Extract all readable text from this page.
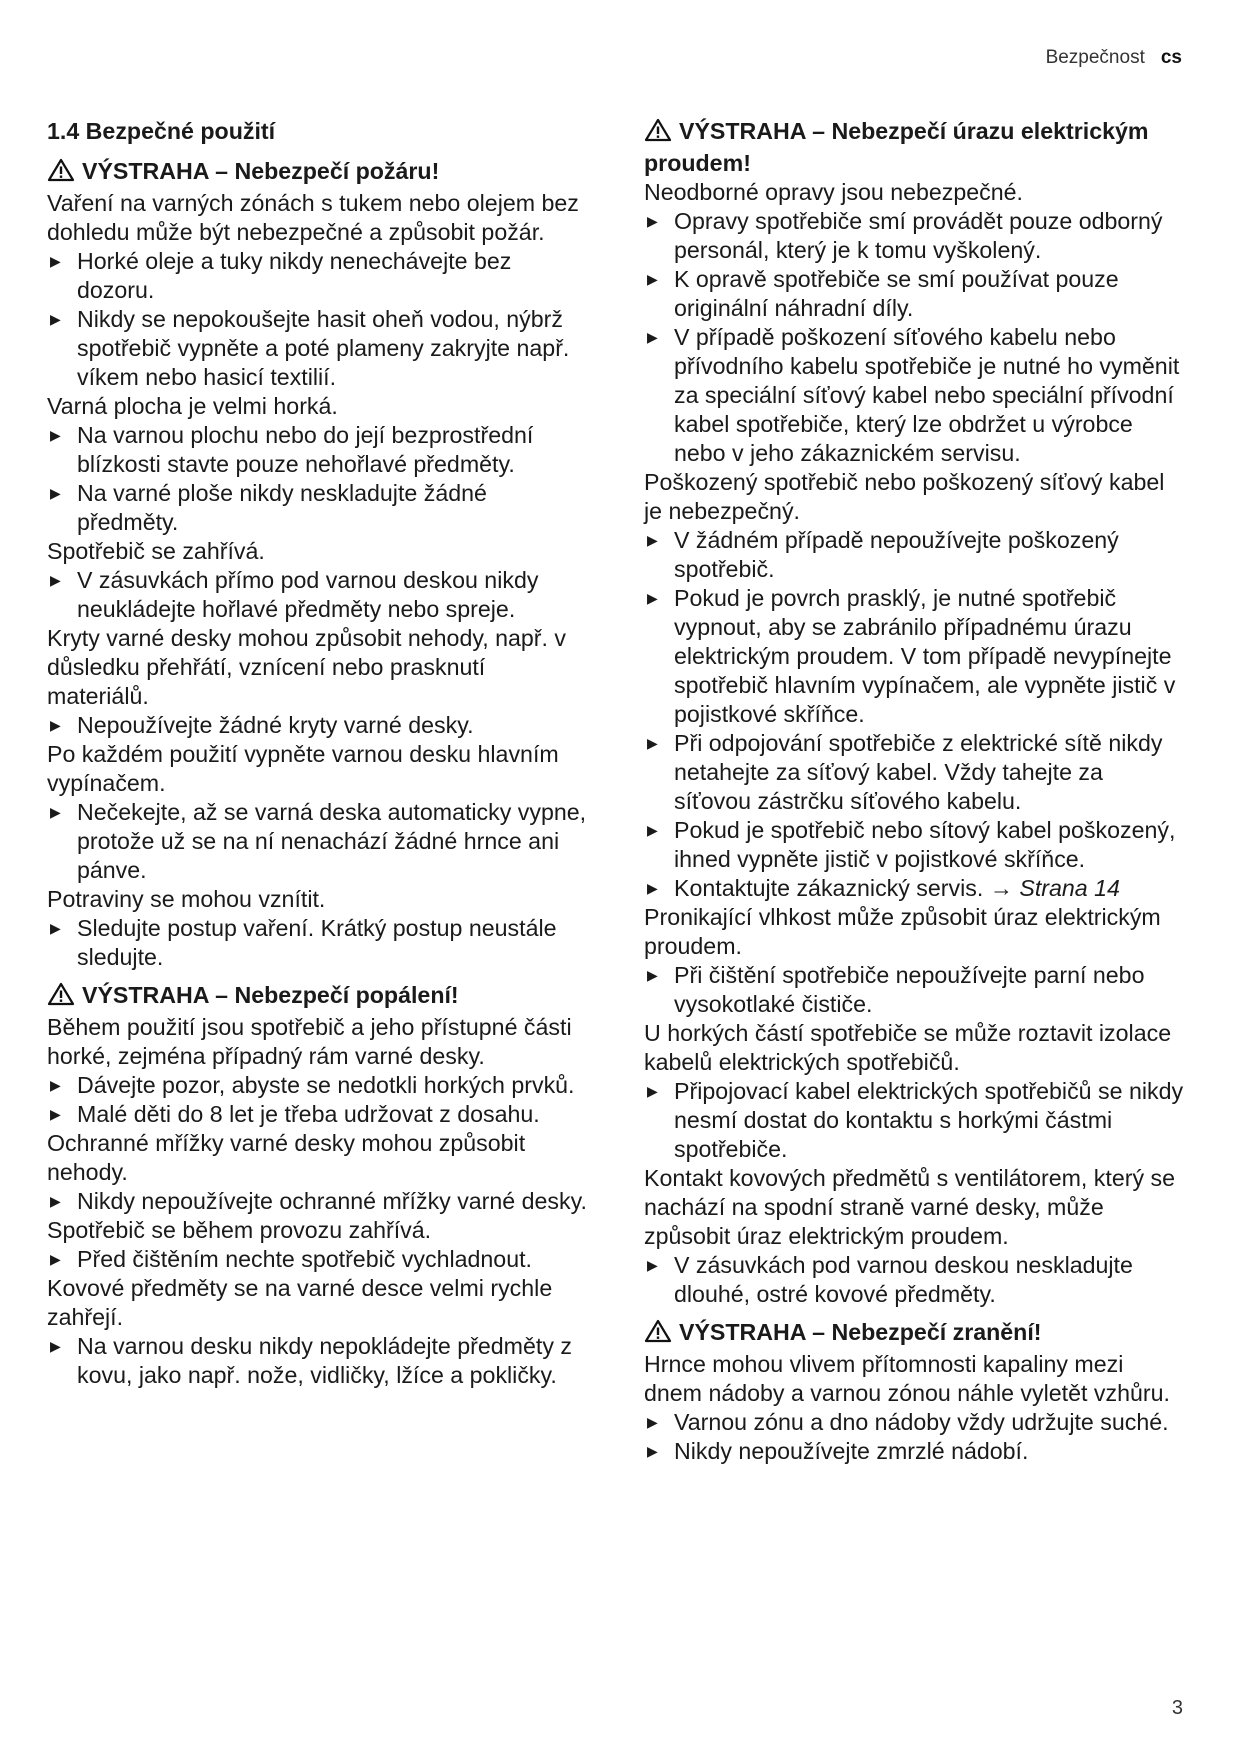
Bezpečnost cs
1.4 Bezpečné použití
VÝSTRAHA – Nebezpečí požáru!
Vaření na varných zónách s tukem nebo olejem bez dohledu může být nebezpečné a způsobit požár.
▶ Horké oleje a tuky nikdy nenechávejte bez dozoru.
▶ Nikdy se nepokoušejte hasit oheň vodou, nýbrž spotřebič vypněte a poté plameny zakryjte např. víkem nebo hasicí textilií.
Varná plocha je velmi horká.
▶ Na varnou plochu nebo do její bezprostřední blízkosti stavte pouze nehořlavé předměty.
▶ Na varné ploše nikdy neskladujte žádné předměty.
Spotřebič se zahřívá.
▶ V zásuvkách přímo pod varnou deskou nikdy neukládejte hořlavé předměty nebo spreje.
Kryty varné desky mohou způsobit nehody, např. v důsledku přehřátí, vznícení nebo prasknutí materiálů.
▶ Nepoužívejte žádné kryty varné desky.
Po každém použití vypněte varnou desku hlavním vypínačem.
▶ Nečekejte, až se varná deska automaticky vypne, protože už se na ní nenachází žádné hrnce ani pánve.
Potraviny se mohou vznítit.
▶ Sledujte postup vaření. Krátký postup neustále sledujte.
VÝSTRAHA – Nebezpečí popálení!
Během použití jsou spotřebič a jeho přístupné části horké, zejména případný rám varné desky.
▶ Dávejte pozor, abyste se nedotkli horkých prvků.
▶ Malé děti do 8 let je třeba udržovat z dosahu.
Ochranné mřížky varné desky mohou způsobit nehody.
▶ Nikdy nepoužívejte ochranné mřížky varné desky.
Spotřebič se během provozu zahřívá.
▶ Před čištěním nechte spotřebič vychladnout.
Kovové předměty se na varné desce velmi rychle zahřejí.
▶ Na varnou desku nikdy nepokládejte předměty z kovu, jako např. nože, vidličky, lžíce a pokličky.
VÝSTRAHA – Nebezpečí úrazu elektrickým proudem!
Neodborné opravy jsou nebezpečné.
▶ Opravy spotřebiče smí provádět pouze odborný personál, který je k tomu vyškolený.
▶ K opravě spotřebiče se smí používat pouze originální náhradní díly.
▶ V případě poškození síťového kabelu nebo přívodního kabelu spotřebiče je nutné ho vyměnit za speciální síťový kabel nebo speciální přívodní kabel spotřebiče, který lze obdržet u výrobce nebo v jeho zákaznickém servisu.
Poškozený spotřebič nebo poškozený síťový kabel je nebezpečný.
▶ V žádném případě nepoužívejte poškozený spotřebič.
▶ Pokud je povrch prasklý, je nutné spotřebič vypnout, aby se zabránilo případnému úrazu elektrickým proudem. V tom případě nevypínejte spotřebič hlavním vypínačem, ale vypněte jistič v pojistkové skříňce.
▶ Při odpojování spotřebiče z elektrické sítě nikdy netahejte za síťový kabel. Vždy tahejte za síťovou zástrčku síťového kabelu.
▶ Pokud je spotřebič nebo sítový kabel poškozený, ihned vypněte jistič v pojistkové skříňce.
▶ Kontaktujte zákaznický servis. → Strana 14
Pronikající vlhkost může způsobit úraz elektrickým proudem.
▶ Při čištění spotřebiče nepoužívejte parní nebo vysokotlaké čističe.
U horkých částí spotřebiče se může roztavit izolace kabelů elektrických spotřebičů.
▶ Připojovací kabel elektrických spotřebičů se nikdy nesmí dostat do kontaktu s horkými částmi spotřebiče.
Kontakt kovových předmětů s ventilátorem, který se nachází na spodní straně varné desky, může způsobit úraz elektrickým proudem.
▶ V zásuvkách pod varnou deskou neskladujte dlouhé, ostré kovové předměty.
VÝSTRAHA – Nebezpečí zranění!
Hrnce mohou vlivem přítomnosti kapaliny mezi dnem nádoby a varnou zónou náhle vyletět vzhůru.
▶ Varnou zónu a dno nádoby vždy udržujte suché.
▶ Nikdy nepoužívejte zmrzlé nádobí.
3
